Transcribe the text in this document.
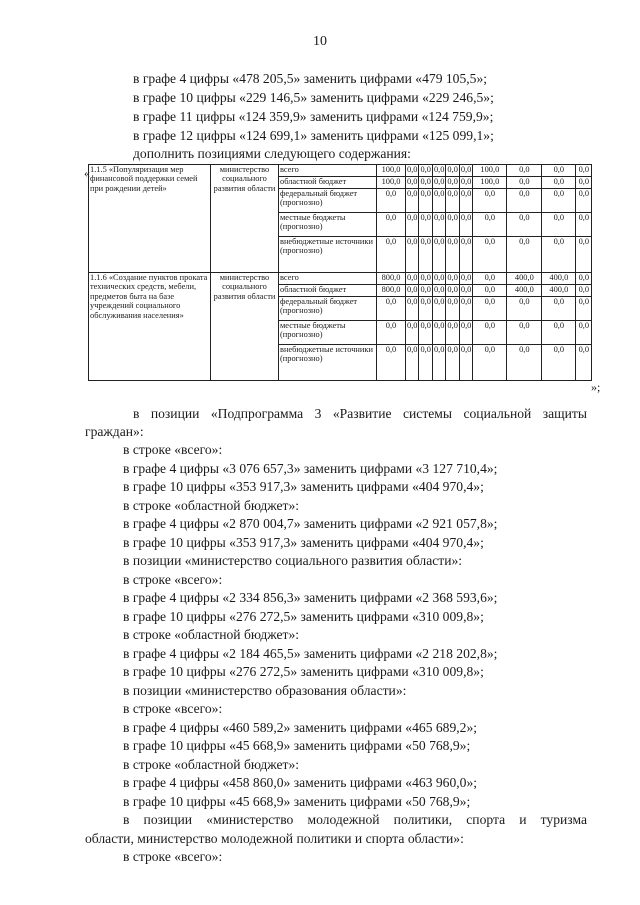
10
в графе 4 цифры «478 205,5» заменить цифрами «479 105,5»;
в графе 10 цифры «229 146,5» заменить цифрами «229 246,5»;
в графе 11 цифры «124 359,9» заменить цифрами «124 759,9»;
в графе 12 цифры «124 699,1» заменить цифрами «125 099,1»;
дополнить позициями следующего содержания:
«
»;
1.1.5 «Популяризация мер финансовой поддержки семей при рождении детей»	министерство социального развития области	всего	100,0	0,0	0,0	0,0	0,0	0,0	100,0	0,0	0,0	0,0
		областной бюджет	100,0	0,0	0,0	0,0	0,0	0,0	100,0	0,0	0,0	0,0
		федеральный бюджет (прогнозно)	0,0	0,0	0,0	0,0	0,0	0,0	0,0	0,0	0,0	0,0
		местные бюджеты (прогнозно)	0,0	0,0	0,0	0,0	0,0	0,0	0,0	0,0	0,0	0,0
		внебюджетные источники (прогнозно)	0,0	0,0	0,0	0,0	0,0	0,0	0,0	0,0	0,0	0,0
1.1.6 «Создание пунктов проката технических средств, мебели, предметов быта на базе учреждений социального обслуживания населения»	министерство социального развития области	всего	800,0	0,0	0,0	0,0	0,0	0,0	0,0	400,0	400,0	0,0
		областной бюджет	800,0	0,0	0,0	0,0	0,0	0,0	0,0	400,0	400,0	0,0
		федеральный бюджет (прогнозно)	0,0	0,0	0,0	0,0	0,0	0,0	0,0	0,0	0,0	0,0
		местные бюджеты (прогнозно)	0,0	0,0	0,0	0,0	0,0	0,0	0,0	0,0	0,0	0,0
		внебюджетные источники (прогнозно)	0,0	0,0	0,0	0,0	0,0	0,0	0,0	0,0	0,0	0,0
в позиции «Подпрограмма 3 «Развитие системы социальной защиты
граждан»:
в строке «всего»:
в графе 4 цифры «3 076 657,3» заменить цифрами «3 127 710,4»;
в графе 10 цифры «353 917,3» заменить цифрами «404 970,4»;
в строке «областной бюджет»:
в графе 4 цифры «2 870 004,7» заменить цифрами «2 921 057,8»;
в графе 10 цифры «353 917,3» заменить цифрами «404 970,4»;
в позиции «министерство социального развития области»:
в строке «всего»:
в графе 4 цифры «2 334 856,3» заменить цифрами «2 368 593,6»;
в графе 10 цифры «276 272,5» заменить цифрами «310 009,8»;
в строке «областной бюджет»:
в графе 4 цифры «2 184 465,5» заменить цифрами «2 218 202,8»;
в графе 10 цифры «276 272,5» заменить цифрами «310 009,8»;
в позиции «министерство образования области»:
в строке «всего»:
в графе 4 цифры «460 589,2» заменить цифрами «465 689,2»;
в графе 10 цифры «45 668,9» заменить цифрами «50 768,9»;
в строке «областной бюджет»:
в графе 4 цифры «458 860,0» заменить цифрами «463 960,0»;
в графе 10 цифры «45 668,9» заменить цифрами «50 768,9»;
в позиции «министерство молодежной политики, спорта и туризма
области, министерство молодежной политики и спорта области»:
в строке «всего»:
